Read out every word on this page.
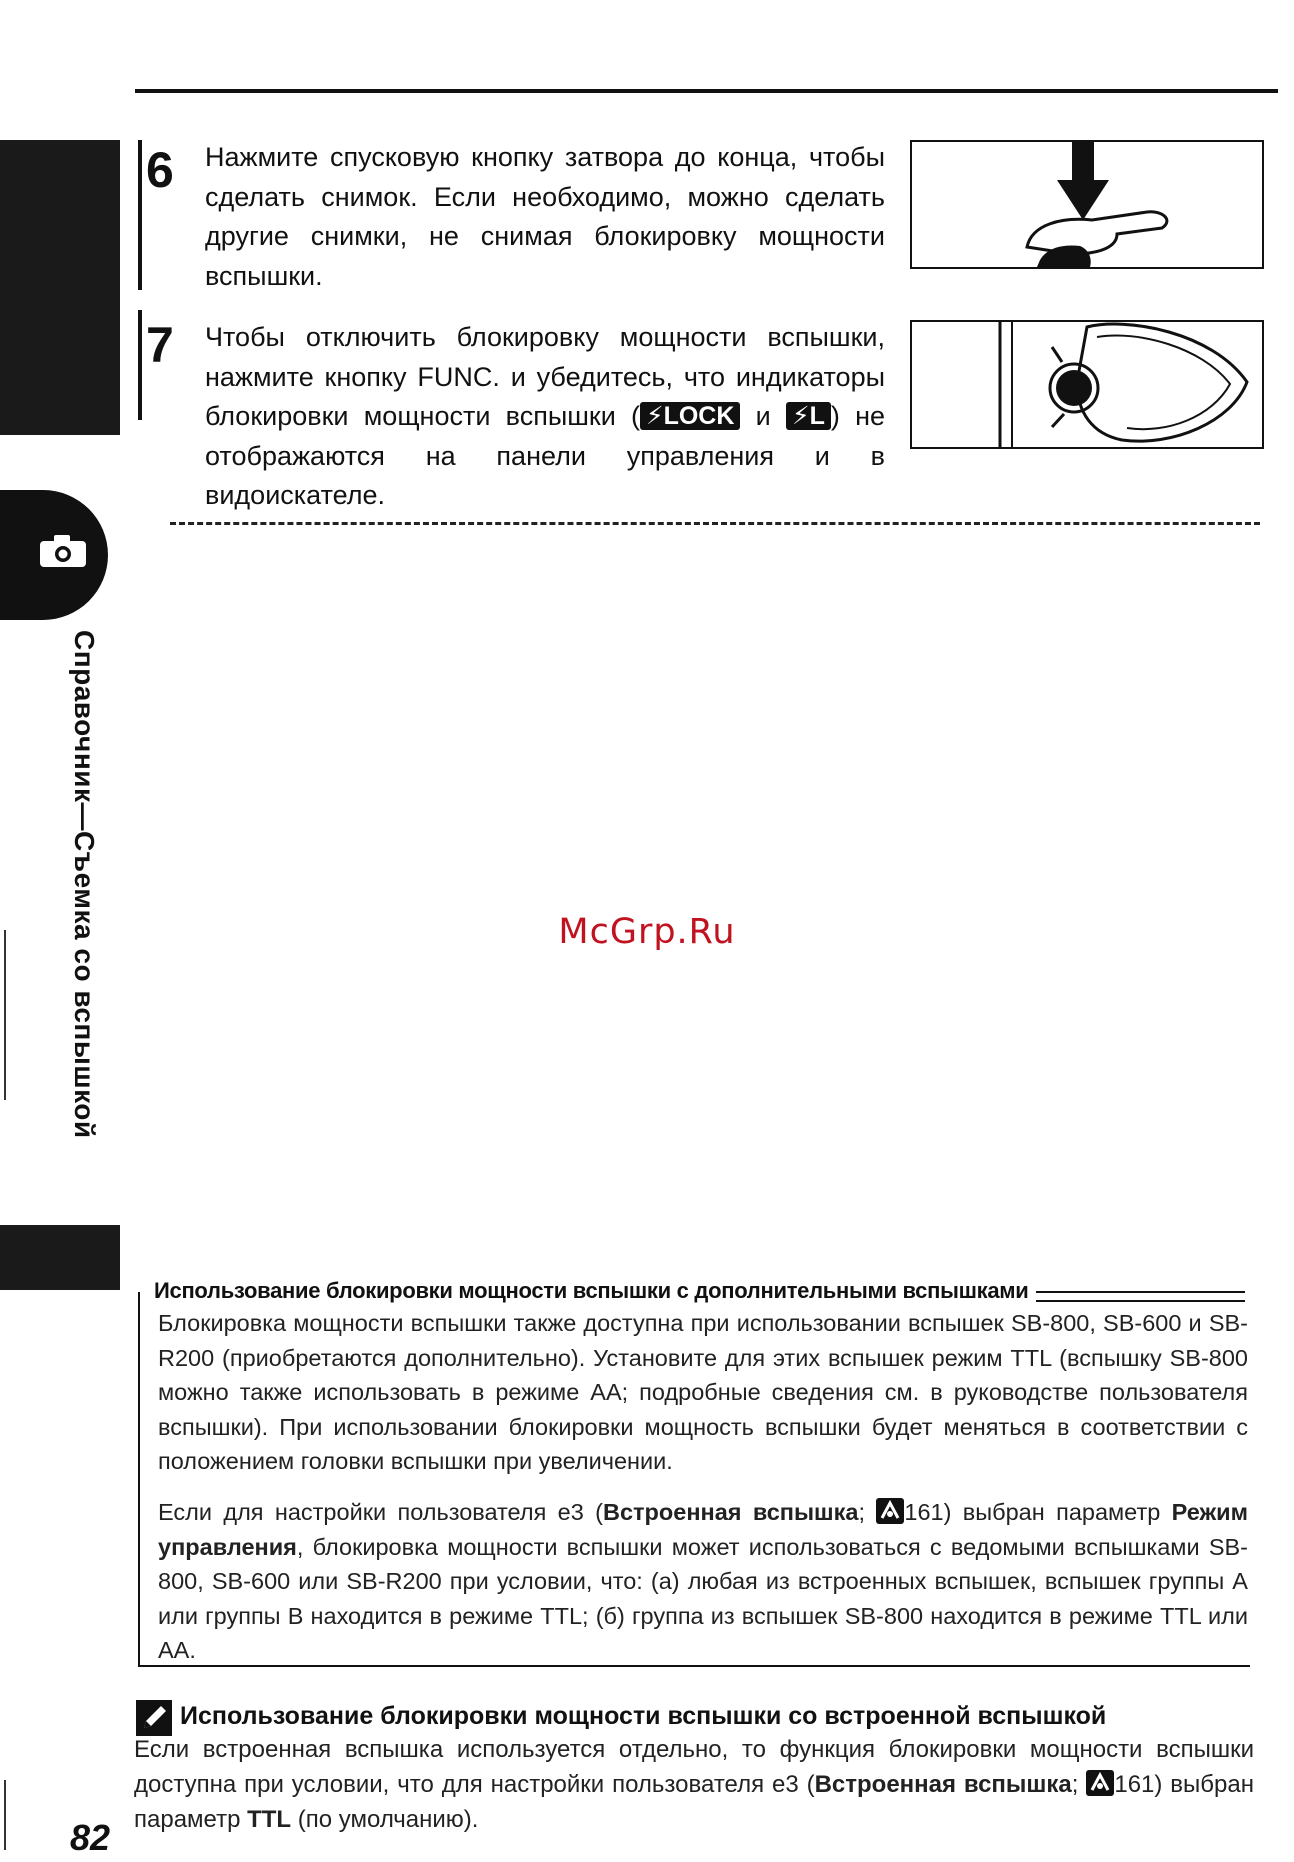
Справочник—Съемка со вспышкой
6 Нажмите спусковую кнопку затвора до конца, чтобы сделать снимок. Если необходимо, можно сделать другие снимки, не снимая блокировку мощности вспышки.
7 Чтобы отключить блокировку мощности вспышки, нажмите кнопку FUNC. и убедитесь, что индикаторы блокировки мощности вспышки ( ⚡LOCK и ⚡L ) не отображаются на панели управления и в видоискателе.
McGrp.Ru
Использование блокировки мощности вспышки с дополнительными вспышками
Блокировка мощности вспышки также доступна при использовании вспышек SB-800, SB-600 и SB-R200 (приобретаются дополнительно). Установите для этих вспышек режим TTL (вспышку SB-800 можно также использовать в режиме AA; подробные сведения см. в руководстве пользователя вспышки). При использовании блокировки мощность вспышки будет меняться в соответствии с положением головки вспышки при увеличении.
Если для настройки пользователя e3 (Встроенная вспышка; 161) выбран параметр Режим управления, блокировка мощности вспышки может использоваться с ведомыми вспышками SB-800, SB-600 или SB-R200 при условии, что: (a) любая из встроенных вспышек, вспышек группы A или группы B находится в режиме TTL; (б) группа из вспышек SB-800 находится в режиме TTL или AA.
Использование блокировки мощности вспышки со встроенной вспышкой
Если встроенная вспышка используется отдельно, то функция блокировки мощности вспышки доступна при условии, что для настройки пользователя e3 (Встроенная вспышка; 161) выбран параметр TTL (по умолчанию).
82
